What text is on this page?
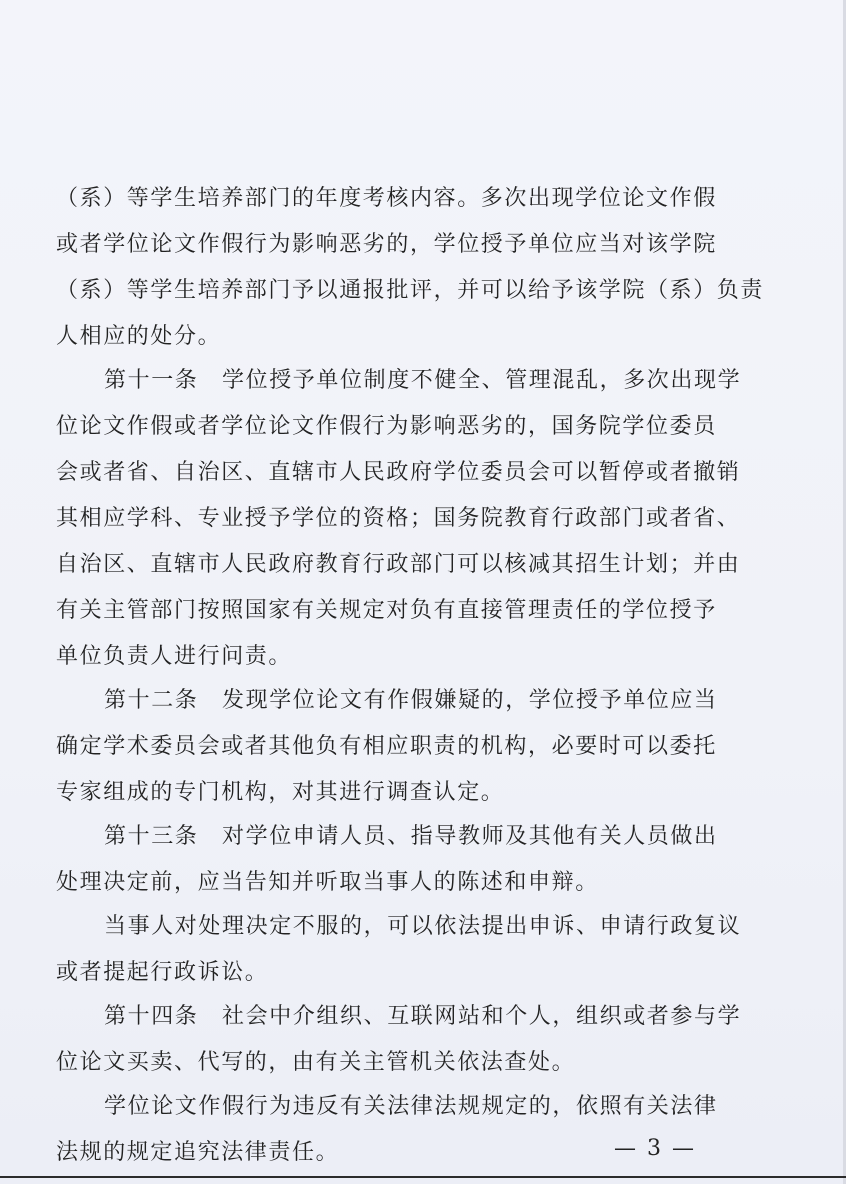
（系）等学生培养部门的年度考核内容。多次出现学位论文作假
或者学位论文作假行为影响恶劣的，学位授予单位应当对该学院
（系）等学生培养部门予以通报批评，并可以给予该学院（系）负责
人相应的处分。
第十一条　学位授予单位制度不健全、管理混乱，多次出现学
位论文作假或者学位论文作假行为影响恶劣的，国务院学位委员
会或者省、自治区、直辖市人民政府学位委员会可以暂停或者撤销
其相应学科、专业授予学位的资格；国务院教育行政部门或者省、
自治区、直辖市人民政府教育行政部门可以核减其招生计划；并由
有关主管部门按照国家有关规定对负有直接管理责任的学位授予
单位负责人进行问责。
第十二条　发现学位论文有作假嫌疑的，学位授予单位应当
确定学术委员会或者其他负有相应职责的机构，必要时可以委托
专家组成的专门机构，对其进行调查认定。
第十三条　对学位申请人员、指导教师及其他有关人员做出
处理决定前，应当告知并听取当事人的陈述和申辩。
当事人对处理决定不服的，可以依法提出申诉、申请行政复议
或者提起行政诉讼。
第十四条　社会中介组织、互联网站和个人，组织或者参与学
位论文买卖、代写的，由有关主管机关依法查处。
学位论文作假行为违反有关法律法规规定的，依照有关法律
法规的规定追究法律责任。	— 3 —
